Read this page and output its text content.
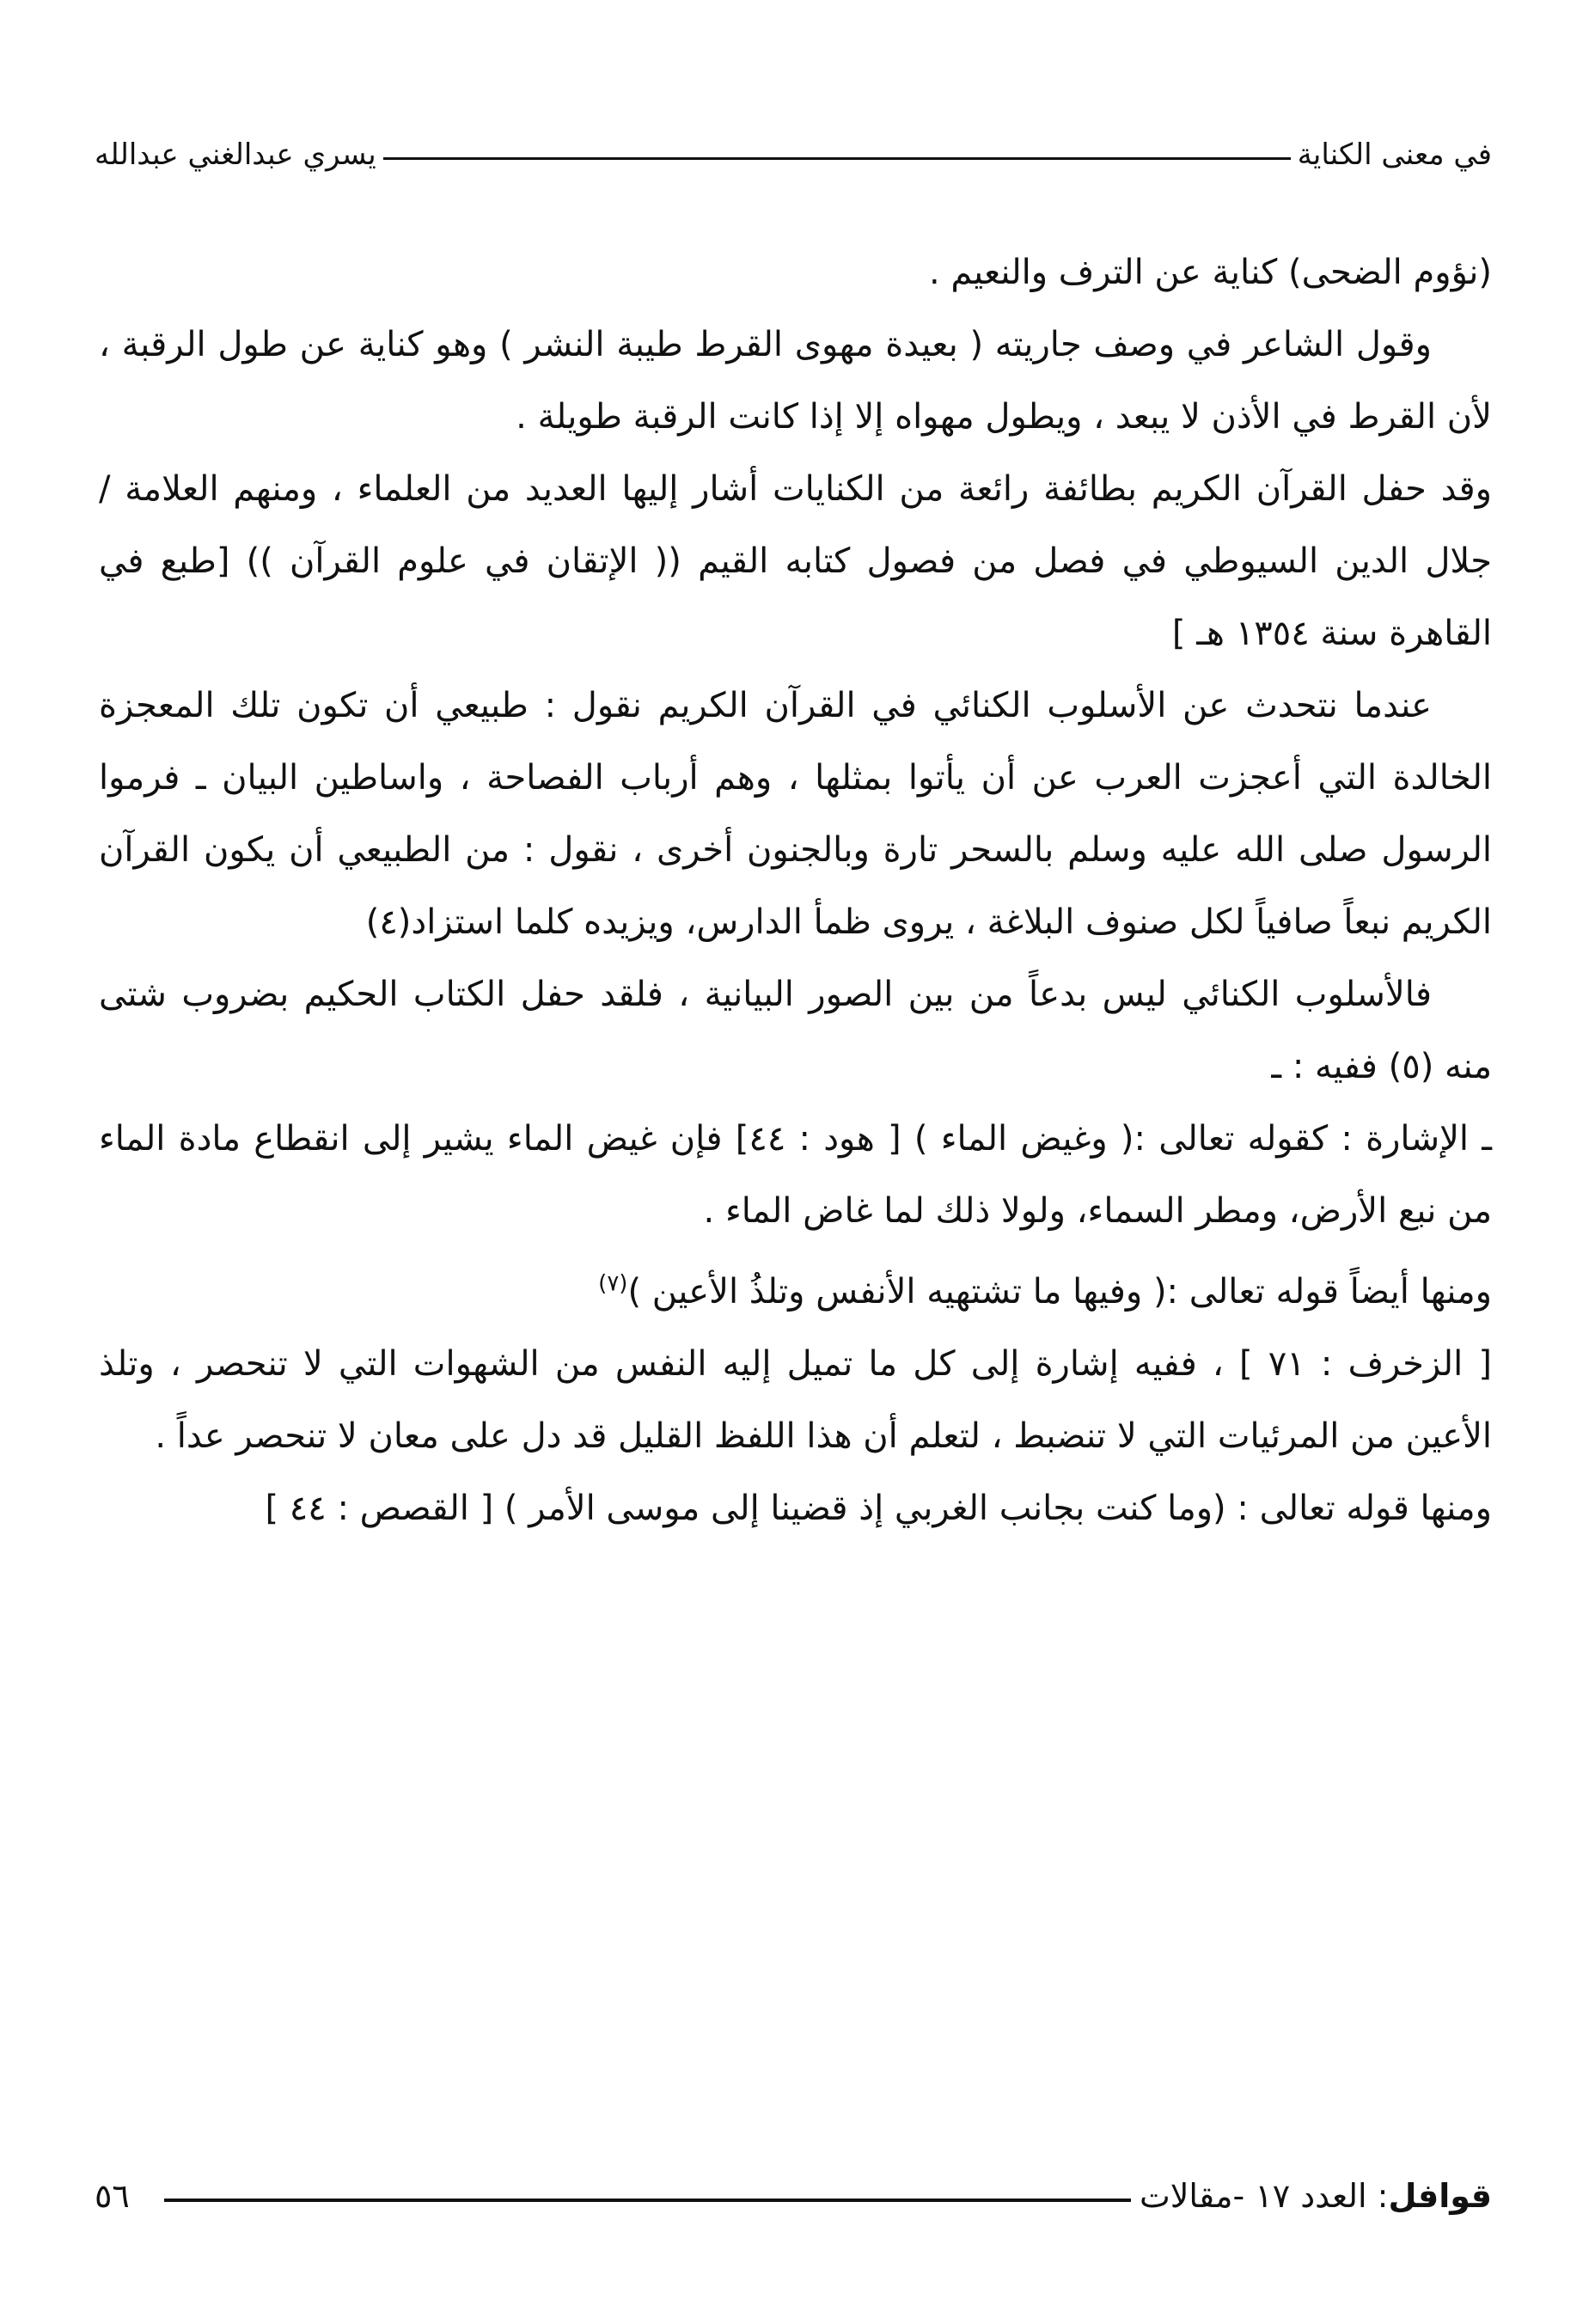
في معنى الكناية
يسري عبدالغني عبدالله

(نؤوم الضحى) كناية عن الترف والنعيم .

وقول الشاعر في وصف جاريته ( بعيدة مهوى القرط طيبة النشر ) وهو كناية عن طول الرقبة ، لأن القرط في الأذن لا يبعد ، ويطول مهواه إلا إذا كانت الرقبة طويلة .

وقد حفل القرآن الكريم بطائفة رائعة من الكنايات أشار إليها العديد من العلماء ، ومنهم العلامة / جلال الدين السيوطي في فصل من فصول كتابه القيم (( الإتقان في علوم القرآن )) [طبع في القاهرة سنة ١٣٥٤ هـ ]

عندما نتحدث عن الأسلوب الكنائي في القرآن الكريم نقول : طبيعي أن تكون تلك المعجزة الخالدة التي أعجزت العرب عن أن يأتوا بمثلها ، وهم أرباب الفصاحة ، واساطين البيان ـ فرموا الرسول صلى الله عليه وسلم بالسحر تارة وبالجنون أخرى ، نقول : من الطبيعي أن يكون القرآن الكريم نبعاً صافياً لكل صنوف البلاغة ، يروى ظمأ الدارس، ويزيده كلما استزاد(٤)

فالأسلوب الكنائي ليس بدعاً من بين الصور البيانية ، فلقد حفل الكتاب الحكيم بضروب شتى منه (٥) ففيه : ـ

ـ الإشارة : كقوله تعالى :( وغيض الماء ) [ هود : ٤٤] فإن غيض الماء يشير إلى انقطاع مادة الماء من نبع الأرض، ومطر السماء، ولولا ذلك لما غاض الماء .

ومنها أيضاً قوله تعالى :( وفيها ما تشتهيه الأنفس وتلذُ الأعين )$^{(٧)}$

[ الزخرف : ٧١ ] ، ففيه إشارة إلى كل ما تميل إليه النفس من الشهوات التي لا تنحصر ، وتلذ الأعين من المرئيات التي لا تنضبط ، لتعلم أن هذا اللفظ القليل قد دل على معان لا تنحصر عداً .

ومنها قوله تعالى : (وما كنت بجانب الغربي إذ قضينا إلى موسى الأمر ) [ القصص : ٤٤ ]

قوافل
: العدد ١٧ -مقالات
٥٦
